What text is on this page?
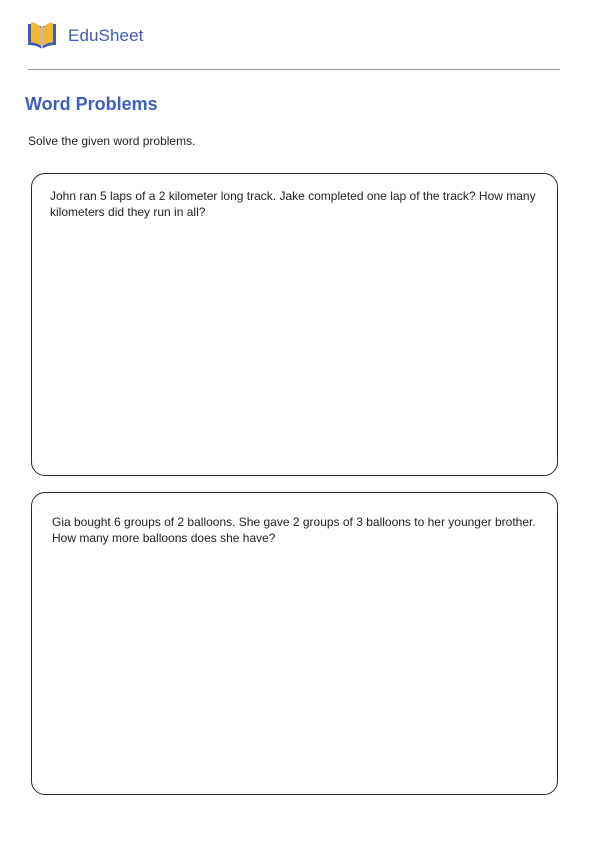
EduSheet
Word Problems
Solve the given word problems.
John ran 5 laps of a 2 kilometer long track. Jake completed one lap of the track? How many kilometers did they run in all?
Gia bought 6 groups of 2 balloons. She gave 2 groups of 3 balloons to her younger brother. How many more balloons does she have?
